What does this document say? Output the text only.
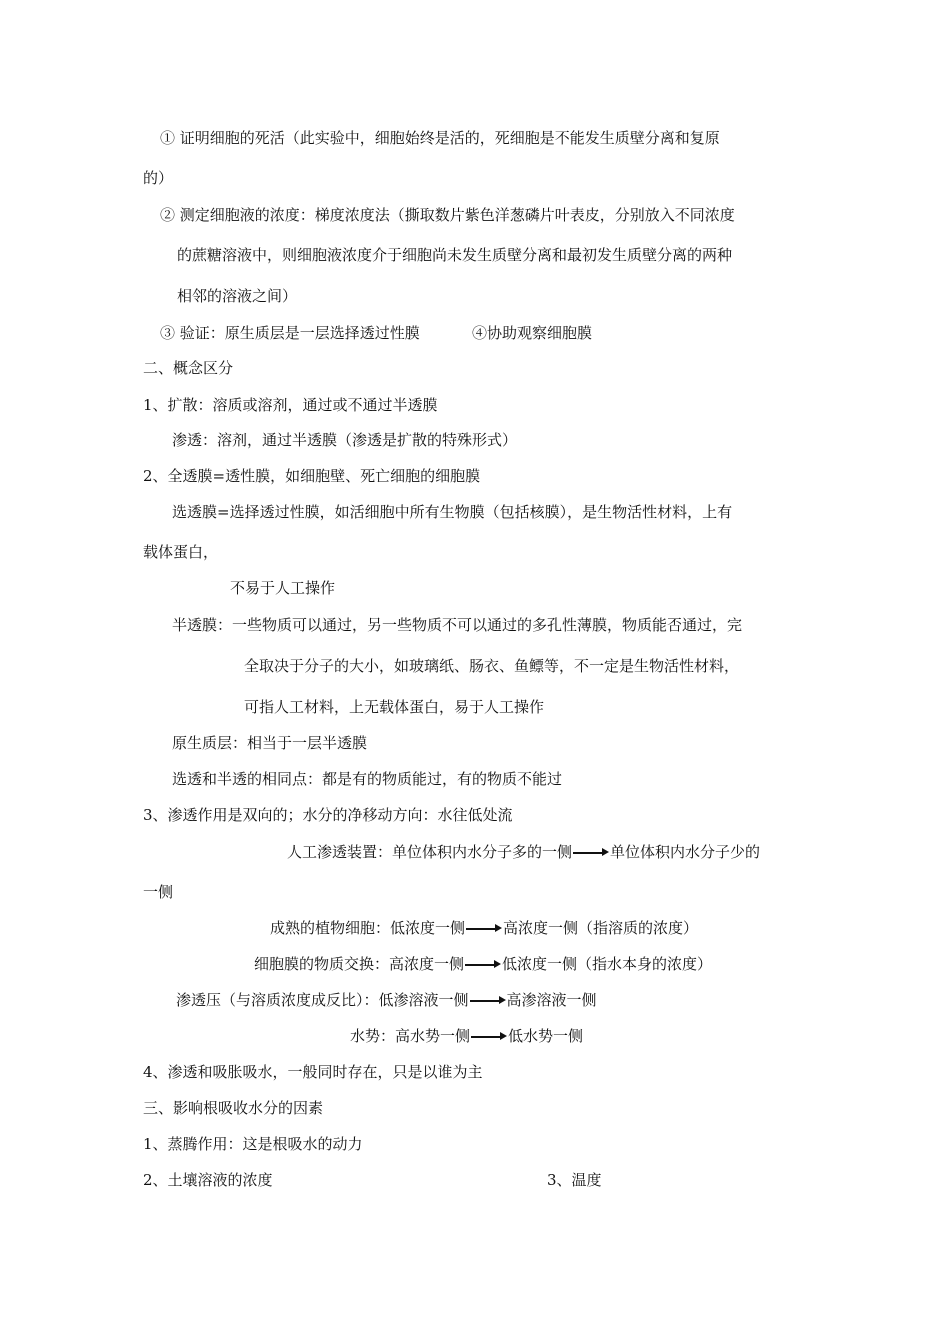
① 证明细胞的死活（此实验中，细胞始终是活的，死细胞是不能发生质壁分离和复原
的）
② 测定细胞液的浓度：梯度浓度法（撕取数片紫色洋葱磷片叶表皮，分别放入不同浓度
的蔗糖溶液中，则细胞液浓度介于细胞尚未发生质壁分离和最初发生质壁分离的两种
相邻的溶液之间）
③ 验证：原生质层是一层选择透过性膜	④协助观察细胞膜
二、概念区分
1、扩散：溶质或溶剂，通过或不通过半透膜
渗透：溶剂，通过半透膜（渗透是扩散的特殊形式）
2、全透膜=透性膜，如细胞壁、死亡细胞的细胞膜
选透膜=选择透过性膜，如活细胞中所有生物膜（包括核膜），是生物活性材料，上有
载体蛋白，
不易于人工操作
半透膜：一些物质可以通过，另一些物质不可以通过的多孔性薄膜，物质能否通过，完
全取决于分子的大小，如玻璃纸、肠衣、鱼鳔等，不一定是生物活性材料，
可指人工材料，上无载体蛋白，易于人工操作
原生质层：相当于一层半透膜
选透和半透的相同点：都是有的物质能过，有的物质不能过
3、渗透作用是双向的；水分的净移动方向：水往低处流
人工渗透装置：单位体积内水分子多的一侧	单位体积内水分子少的
一侧
成熟的植物细胞：低浓度一侧	高浓度一侧（指溶质的浓度）
细胞膜的物质交换：高浓度一侧	低浓度一侧（指水本身的浓度）
渗透压（与溶质浓度成反比）：低渗溶液一侧	高渗溶液一侧
水势：高水势一侧	低水势一侧
4、渗透和吸胀吸水，一般同时存在，只是以谁为主
三、影响根吸收水分的因素
1、蒸腾作用：这是根吸水的动力
2、土壤溶液的浓度	3、温度
